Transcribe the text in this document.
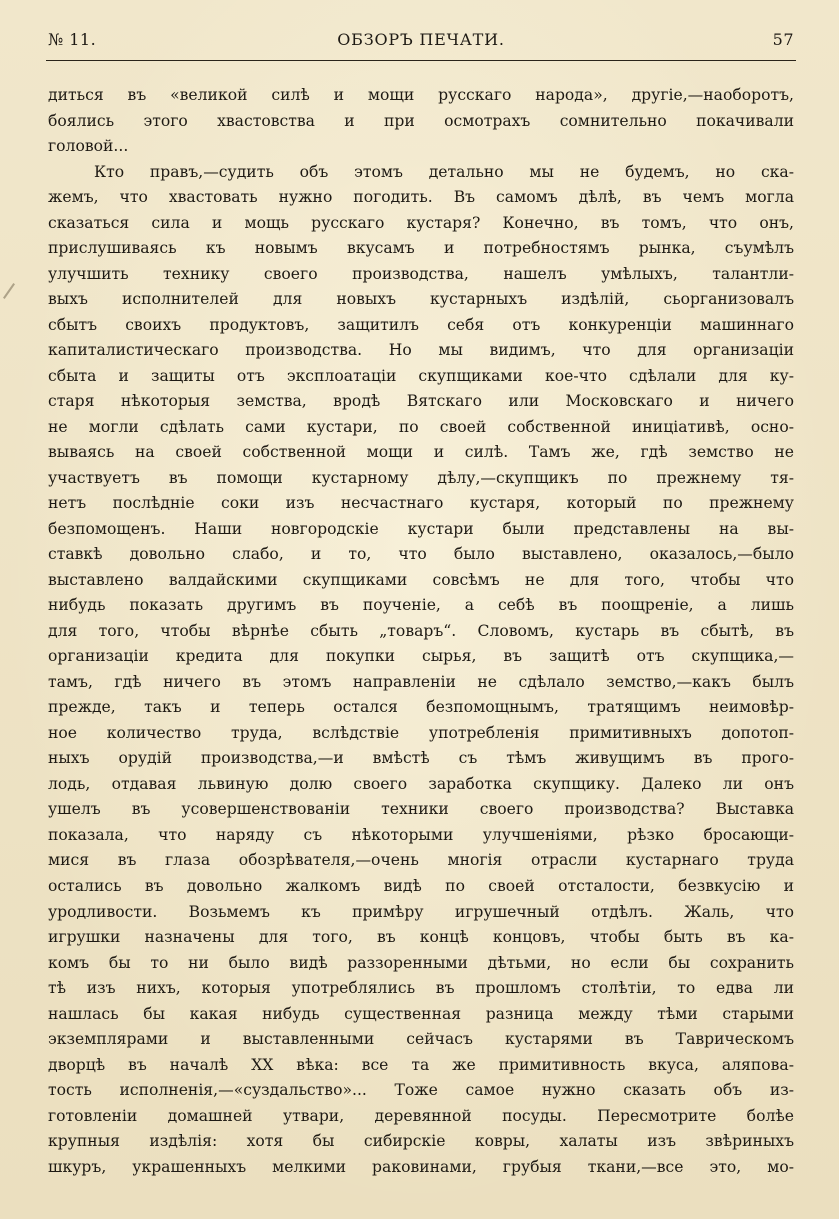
№ 11.	ОБЗОРЪ ПЕЧАТИ.	57
диться въ «великой силѣ и мощи русскаго народа», другіе,—наоборотъ,
боялись этого хвастовства и при осмотрахъ сомнительно покачивали
головой...
Кто правъ,—судить объ этомъ детально мы не будемъ, но ска-
жемъ, что хвастовать нужно погодить. Въ самомъ дѣлѣ, въ чемъ могла
сказаться сила и мощь русскаго кустаря? Конечно, въ томъ, что онъ,
прислушиваясь къ новымъ вкусамъ и потребностямъ рынка, съумѣлъ
улучшить технику своего производства, нашелъ умѣлыхъ, талантли-
выхъ исполнителей для новыхъ кустарныхъ издѣлій, сьорганизовалъ
сбытъ своихъ продуктовъ, защитилъ себя отъ конкуренціи машиннаго
капиталистическаго производства. Но мы видимъ, что для организаціи
сбыта и защиты отъ эксплоатаціи скупщиками кое-что сдѣлали для ку-
старя нѣкоторыя земства, вродѣ Вятскаго или Московскаго и ничего
не могли сдѣлать сами кустари, по своей собственной иниціативѣ, осно-
вываясь на своей собственной мощи и силѣ. Тамъ же, гдѣ земство не
участвуетъ въ помощи кустарному дѣлу,—скупщикъ по прежнему тя-
нетъ послѣдніе соки изъ несчастнаго кустаря, который по прежнему
безпомощенъ. Наши новгородскіе кустари были представлены на вы-
ставкѣ довольно слабо, и то, что было выставлено, оказалось,—было
выставлено валдайскими скупщиками совсѣмъ не для того, чтобы что
нибудь показать другимъ въ поученіе, а себѣ въ поощреніе, а лишь
для того, чтобы вѣрнѣе сбыть „товаръ“. Словомъ, кустарь въ сбытѣ, въ
организаціи кредита для покупки сырья, въ защитѣ отъ скупщика,—
тамъ, гдѣ ничего въ этомъ направленіи не сдѣлало земство,—какъ былъ
прежде, такъ и теперь остался безпомощнымъ, тратящимъ неимовѣр-
ное количество труда, вслѣдствіе употребленія примитивныхъ допотоп-
ныхъ орудій производства,—и вмѣстѣ съ тѣмъ живущимъ въ прого-
лодь, отдавая львиную долю своего заработка скупщику. Далеко ли онъ
ушелъ въ усовершенствованіи техники своего производства? Выставка
показала, что наряду съ нѣкоторыми улучшеніями, рѣзко бросающи-
мися въ глаза обозрѣвателя,—очень многія отрасли кустарнаго труда
остались въ довольно жалкомъ видѣ по своей отсталости, безвкусію и
уродливости. Возьмемъ къ примѣру игрушечный отдѣлъ. Жаль, что
игрушки назначены для того, въ концѣ концовъ, чтобы быть въ ка-
комъ бы то ни было видѣ раззоренными дѣтьми, но если бы сохранить
тѣ изъ нихъ, которыя употреблялись въ прошломъ столѣтіи, то едва ли
нашлась бы какая нибудь существенная разница между тѣми старыми
экземплярами и выставленными сейчасъ кустарями въ Таврическомъ
дворцѣ въ началѣ XX вѣка: все та же примитивность вкуса, аляпова-
тость исполненія,—«суздальство»... Тоже самое нужно сказать объ из-
готовленіи домашней утвари, деревянной посуды. Пересмотрите болѣе
крупныя издѣлія: хотя бы сибирскіе ковры, халаты изъ звѣриныхъ
шкуръ, украшенныхъ мелкими раковинами, грубыя ткани,—все это, мо-
